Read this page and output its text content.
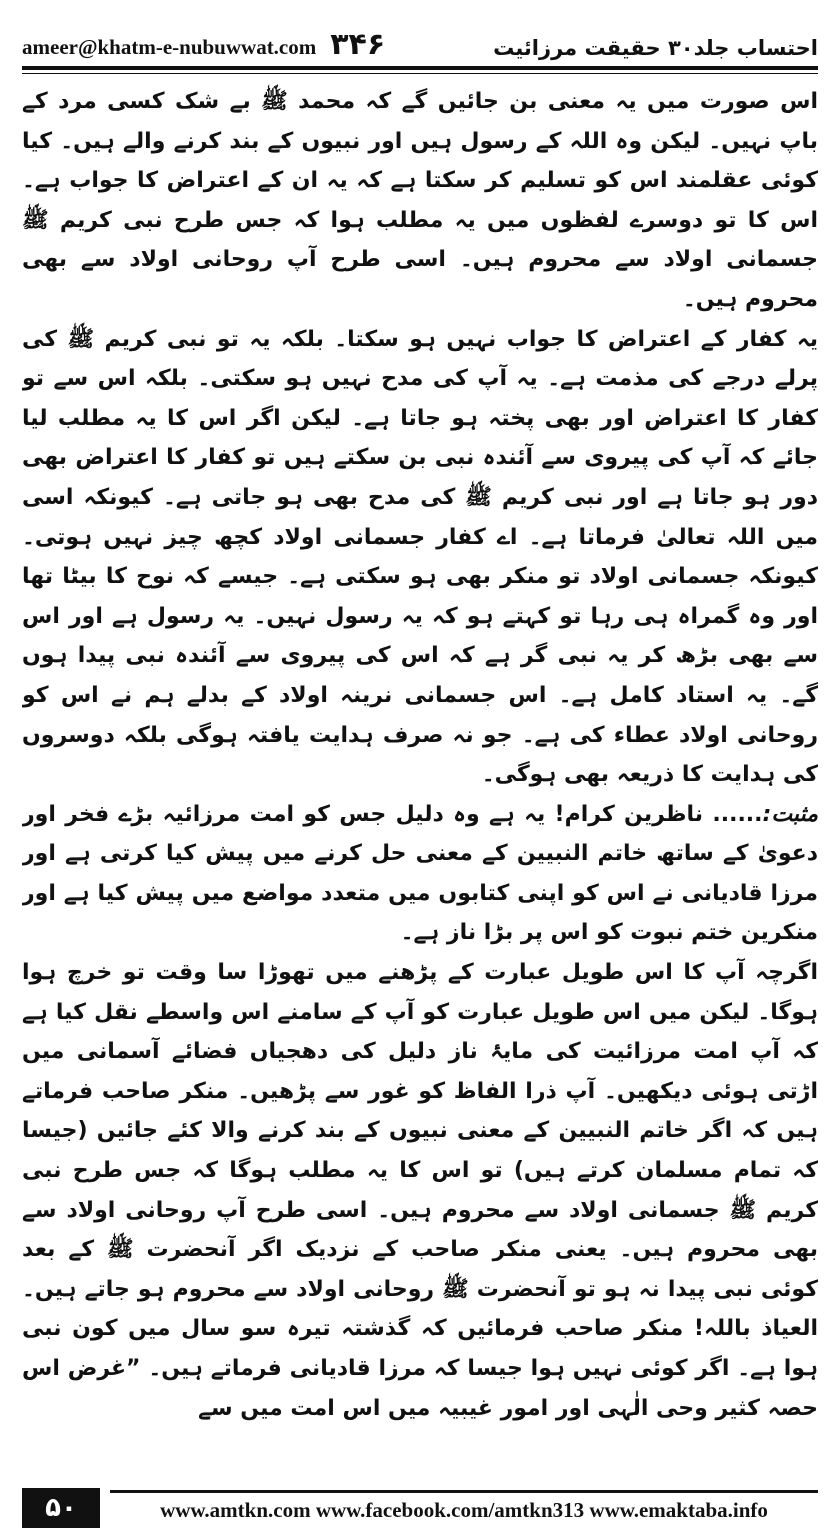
ameer@khatm-e-nubuwwat.com ۳۴۶	احتساب جلد۳۰ حقیقت مرزائیت

اس صورت میں یہ معنی بن جائیں گے کہ محمد ﷺ بے شک کسی مرد کے باپ نہیں۔ لیکن وہ اللہ کے رسول ہیں اور نبیوں کے بند کرنے والے ہیں۔ کیا کوئی عقلمند اس کو تسلیم کر سکتا ہے کہ یہ ان کے اعتراض کا جواب ہے۔ اس کا تو دوسرے لفظوں میں یہ مطلب ہوا کہ جس طرح نبی کریم ﷺ جسمانی اولاد سے محروم ہیں۔ اسی طرح آپ روحانی اولاد سے بھی محروم ہیں۔

یہ کفار کے اعتراض کا جواب نہیں ہو سکتا۔ بلکہ یہ تو نبی کریم ﷺ کی پرلے درجے کی مذمت ہے۔ یہ آپ کی مدح نہیں ہو سکتی۔ بلکہ اس سے تو کفار کا اعتراض اور بھی پختہ ہو جاتا ہے۔ لیکن اگر اس کا یہ مطلب لیا جائے کہ آپ کی پیروی سے آئندہ نبی بن سکتے ہیں تو کفار کا اعتراض بھی دور ہو جاتا ہے اور نبی کریم ﷺ کی مدح بھی ہو جاتی ہے۔ کیونکہ اسی میں اللہ تعالیٰ فرماتا ہے۔ اے کفار جسمانی اولاد کچھ چیز نہیں ہوتی۔ کیونکہ جسمانی اولاد تو منکر بھی ہو سکتی ہے۔ جیسے کہ نوح کا بیٹا تھا اور وہ گمراہ ہی رہا تو کہتے ہو کہ یہ رسول نہیں۔ یہ رسول ہے اور اس سے بھی بڑھ کر یہ نبی گر ہے کہ اس کی پیروی سے آئندہ نبی پیدا ہوں گے۔ یہ استاد کامل ہے۔ اس جسمانی نرینہ اولاد کے بدلے ہم نے اس کو روحانی اولاد عطاء کی ہے۔ جو نہ صرف ہدایت یافتہ ہوگی بلکہ دوسروں کی ہدایت کا ذریعہ بھی ہوگی۔

مثبت:...... ناظرین کرام! یہ ہے وہ دلیل جس کو امت مرزائیہ بڑے فخر اور دعویٰ کے ساتھ خاتم النبیین کے معنی حل کرنے میں پیش کیا کرتی ہے اور مرزا قادیانی نے اس کو اپنی کتابوں میں متعدد مواضع میں پیش کیا ہے اور منکرین ختم نبوت کو اس پر بڑا ناز ہے۔

اگرچہ آپ کا اس طویل عبارت کے پڑھنے میں تھوڑا سا وقت تو خرچ ہوا ہوگا۔ لیکن میں اس طویل عبارت کو آپ کے سامنے اس واسطے نقل کیا ہے کہ آپ امت مرزائیت کی مایۂ ناز دلیل کی دھجیاں فضائے آسمانی میں اڑتی ہوئی دیکھیں۔ آپ ذرا الفاظ کو غور سے پڑھیں۔ منکر صاحب فرماتے ہیں کہ اگر خاتم النبیین کے معنی نبیوں کے بند کرنے والا کئے جائیں (جیسا کہ تمام مسلمان کرتے ہیں) تو اس کا یہ مطلب ہوگا کہ جس طرح نبی کریم ﷺ جسمانی اولاد سے محروم ہیں۔ اسی طرح آپ روحانی اولاد سے بھی محروم ہیں۔ یعنی منکر صاحب کے نزدیک اگر آنحضرت ﷺ کے بعد کوئی نبی پیدا نہ ہو تو آنحضرت ﷺ روحانی اولاد سے محروم ہو جاتے ہیں۔ العیاذ باللہ! منکر صاحب فرمائیں کہ گذشتہ تیرہ سو سال میں کون نبی ہوا ہے۔ اگر کوئی نہیں ہوا جیسا کہ مرزا قادیانی فرماتے ہیں۔ ”غرض اس حصہ کثیر وحی الٰہی اور امور غیبیہ میں اس امت میں سے

۵۰	www.amtkn.com www.facebook.com/amtkn313 www.emaktaba.info
